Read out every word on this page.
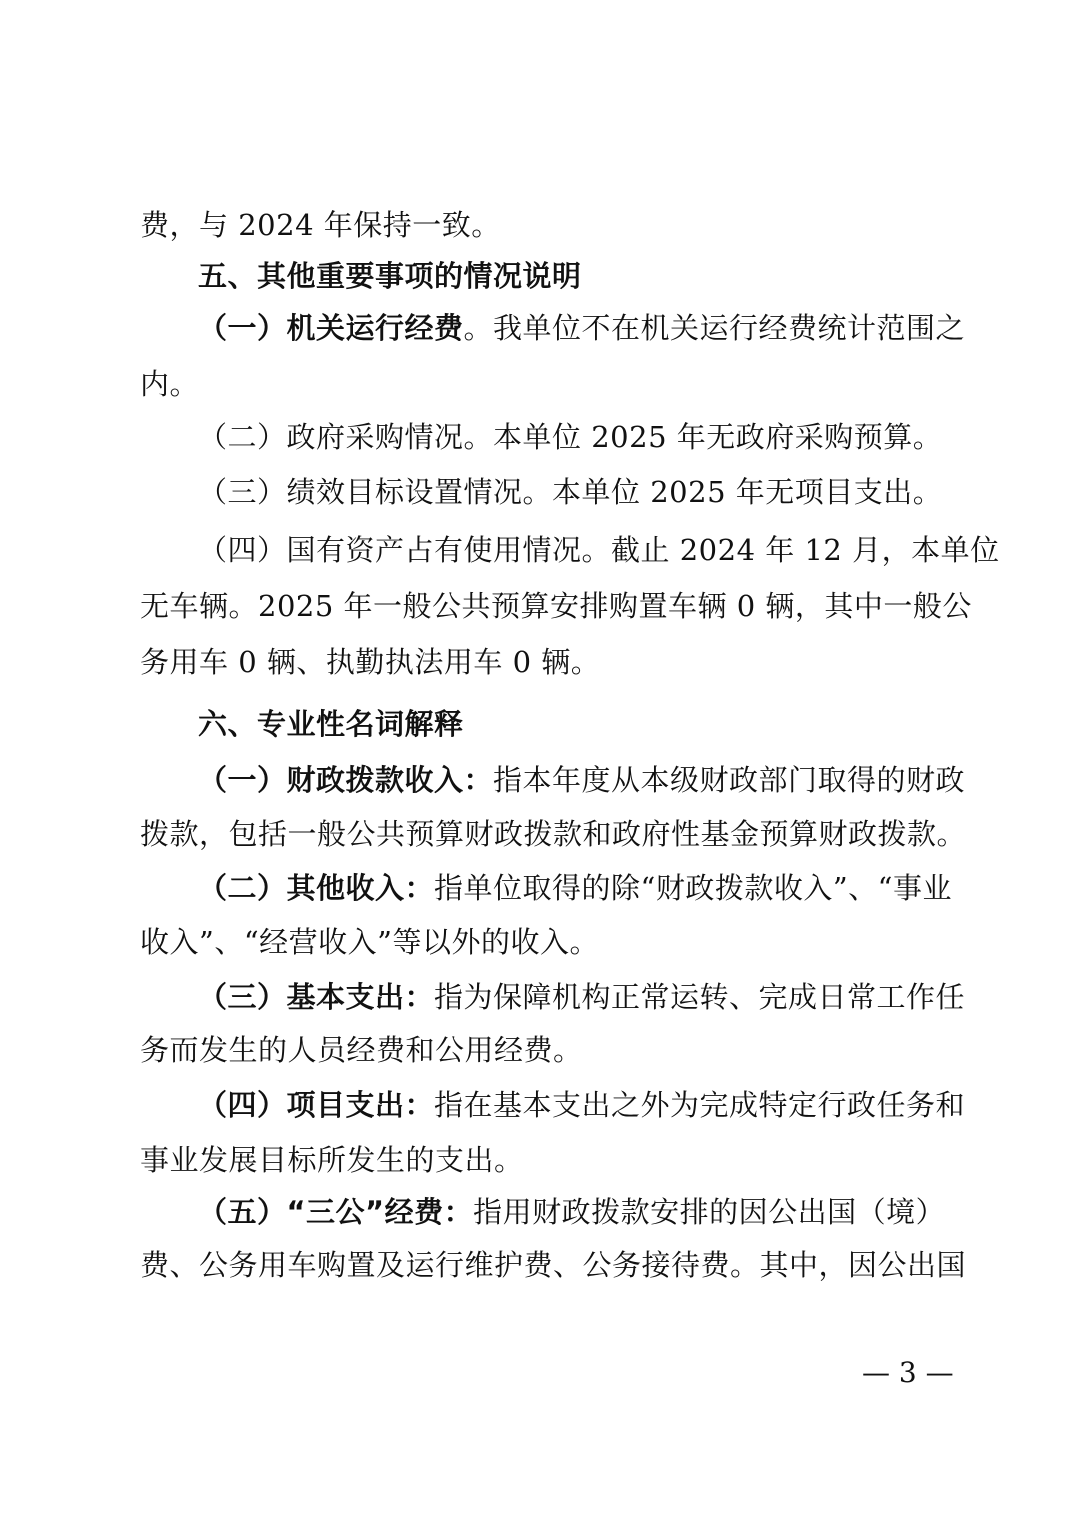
费，与 2024 年保持一致。
五、其他重要事项的情况说明
（一）机关运行经费。我单位不在机关运行经费统计范围之
内。
（二）政府采购情况。本单位 2025 年无政府采购预算。
（三）绩效目标设置情况。本单位 2025 年无项目支出。
（四）国有资产占有使用情况。截止 2024 年 12 月，本单位
无车辆。2025 年一般公共预算安排购置车辆 0 辆，其中一般公
务用车 0 辆、执勤执法用车 0 辆。
六、专业性名词解释
（一）财政拨款收入：指本年度从本级财政部门取得的财政
拨款，包括一般公共预算财政拨款和政府性基金预算财政拨款。
（二）其他收入：指单位取得的除“财政拨款收入”、“事业
收入”、“经营收入”等以外的收入。
（三）基本支出：指为保障机构正常运转、完成日常工作任
务而发生的人员经费和公用经费。
（四）项目支出：指在基本支出之外为完成特定行政任务和
事业发展目标所发生的支出。
（五）“三公”经费：指用财政拨款安排的因公出国（境）
费、公务用车购置及运行维护费、公务接待费。其中，因公出国
— 3 —
